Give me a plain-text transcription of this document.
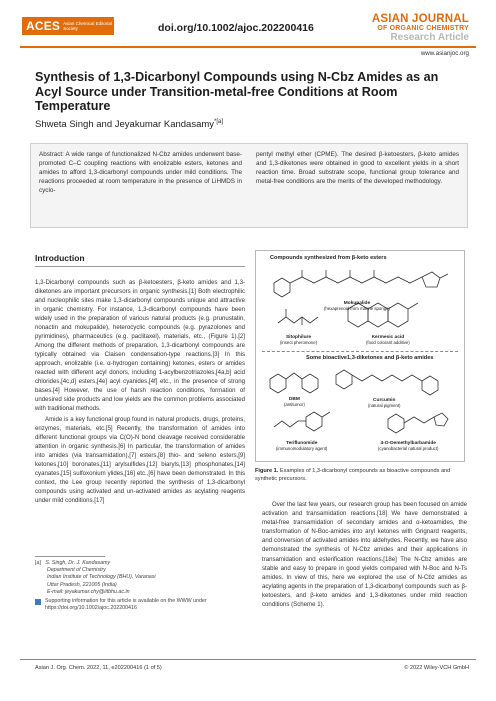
ACES Asian Chemical Editorial Society	doi.org/10.1002/ajoc.202200416
ASIAN JOURNAL
OF ORGANIC CHEMISTRY
Research Article
www.asianjoc.org
Synthesis of 1,3-Dicarbonyl Compounds using N-Cbz Amides as an Acyl Source under Transition-metal-free Conditions at Room Temperature
Shweta Singh and Jeyakumar Kandasamy$^{*[a]}$
Abstract: A wide range of functionalized N-Cbz amides underwent base-promoted C–C coupling reactions with enolizable esters, ketones and amides to afford 1,3-dicarbonyl compounds under mild conditions. The reactions proceeded at room temperature in the presence of LiHMDS in cyclo-
pentyl methyl ether (CPME). The desired β-ketoesters, β-keto amides and 1,3-diketones were obtained in good to excellent yields in a short reaction time. Broad substrate scope, functional group tolerance and metal-free conditions are the merits of the developed methodology.
Introduction

1,3-Dicarbonyl compounds such as β-ketoesters, β-keto amides and 1,3-diketones are important precursors in organic synthesis.[1] Both electrophilic and nucleophilic sites make 1,3-dicarbonyl compounds unique and attractive in organic chemistry. For instance, 1,3-dicarbonyl compounds have been widely used in the preparation of various natural products (e.g. prunustatin, nonactin and mokupalide), heterocyclic compounds (e.g. pyrazolones and pyrimidines), pharmaceutics (e.g. paclitaxel), materials, etc., (Figure 1).[2] Among the different methods of preparation, 1,3-dicarbonyl compounds are typically obtained via Claisen condensation-type reactions.[3] In this approach, enolizable (i.e. α-hydrogen containing) ketones, esters or amides reacted with different acyl donors, including 1-acylbenzotriazoles,[4a,b] acid chlorides,[4c,d] esters,[4e] acyl cyanides,[4f] etc., in the presence of strong bases.[4] However, the use of harsh reaction conditions, formation of undesired side products and low yields are the common problems associated with traditional methods.

Amide is a key functional group found in natural products, drugs, proteins, enzymes, materials, etc.[5] Recently, the transformation of amides into different functional groups via C(O)-N bond cleavage received considerable attention in organic synthesis.[6] In particular, the transformation of amides into amides (via transamidation),[7] esters,[8] thio- and seleno esters,[9] ketones,[10] boronates,[11] arylsulfides,[12] biaryls,[13] phosphonates,[14] cyanates,[15] sulfoxonium ylides,[16] etc.,[6] have been demonstrated. In this context, the Lee group recently reported the synthesis of 1,3-dicarbonyl compounds using activated and un-activated amides as acylating reagents under mild conditions.[17]

[a] S. Singh, Dr. J. Kandasamy
Department of Chemistry
Indian Institute of Technology (BHU), Varanasi
Uttar Pradesh, 221005 (India)
E-mail: jeyakumar.chy@iitbhu.ac.in
Supporting information for this article is available on the WWW under https://doi.org/10.1002/ajoc.202200416
Compounds synthesized from β-keto esters
Mokupalide
(hexaprenoid from marine sponge)
Sitophilure
(insect pheromone)
Kermesic acid
(food colorant additive)
Some bioactive1,3-diketones and β-keto amides
DBM
(antitumor)
Curcumin
(natural pigment)
Teriflunomide
(immunomodulatory agent)
4-O-Demethylbarbamide
(cyanobacterial natural product)
Figure 1. Examples of 1,3-dicarbonyl compounds as bioactive compounds and synthetic precursors.

Over the last few years, our research group has been focused on amide activation and transamidation reactions.[18] We have demonstrated a metal-free transamidation of secondary amides and α-ketoamides, the transformation of N-Boc-amides into aryl ketones with Grignard reagents, and conversion of activated amides into aldehydes. Recently, we have also demonstrated the synthesis of N-Cbz amides and their applications in transamidation and esterification reactions.[18e] The N-Cbz amides are stable and easy to prepare in good yields compared with N-Boc and N-Ts amides. In view of this, here we explored the use of N-Cbz amides as acylating agents in the preparation of 1,3-dicarbonyl compounds such as β-ketoesters, and β-keto amides and 1,3-diketones under mild reaction conditions (Scheme 1).

Asian J. Org. Chem. 2022, 11, e202200416 (1 of 5)	© 2022 Wiley-VCH GmbH
